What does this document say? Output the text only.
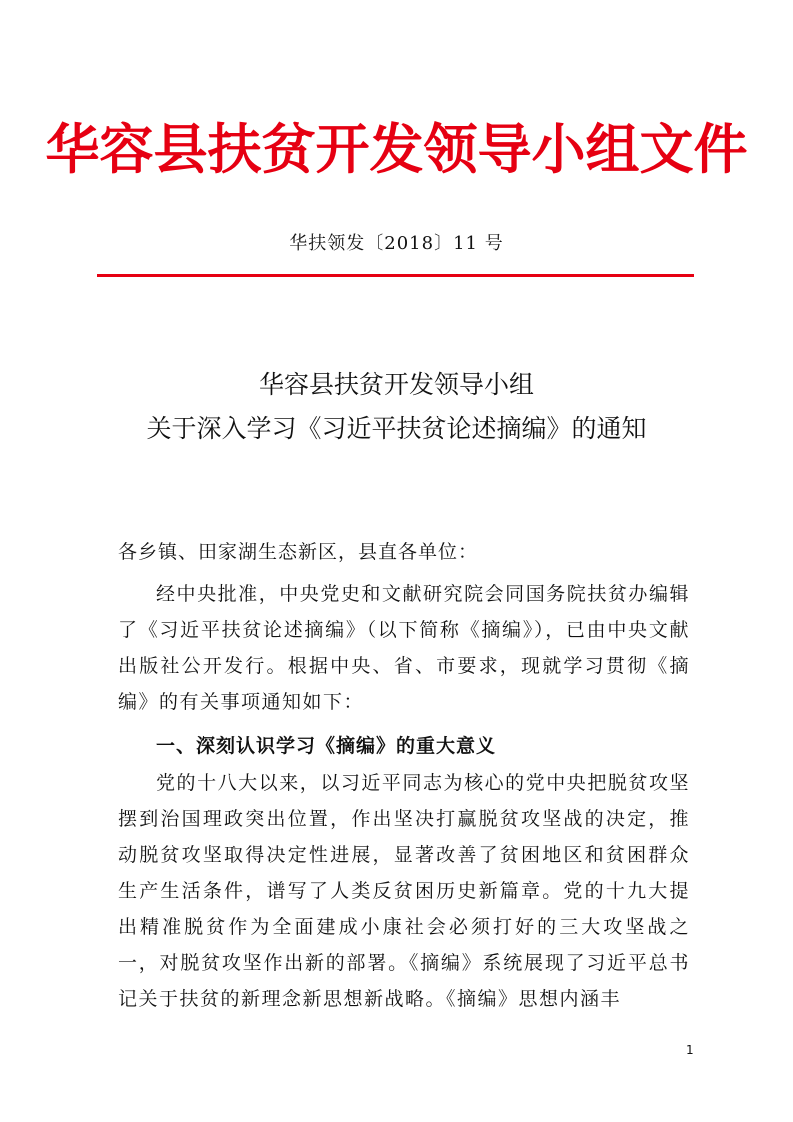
华容县扶贫开发领导小组文件
华扶领发〔2018〕11 号
华容县扶贫开发领导小组
关于深入学习《习近平扶贫论述摘编》的通知
各乡镇、田家湖生态新区，县直各单位：

经中央批准，中央党史和文献研究院会同国务院扶贫办编辑了《习近平扶贫论述摘编》（以下简称《摘编》），已由中央文献出版社公开发行。根据中央、省、市要求，现就学习贯彻《摘编》的有关事项通知如下：

一、深刻认识学习《摘编》的重大意义

党的十八大以来，以习近平同志为核心的党中央把脱贫攻坚摆到治国理政突出位置，作出坚决打赢脱贫攻坚战的决定，推动脱贫攻坚取得决定性进展，显著改善了贫困地区和贫困群众生产生活条件，谱写了人类反贫困历史新篇章。党的十九大提出精准脱贫作为全面建成小康社会必须打好的三大攻坚战之一，对脱贫攻坚作出新的部署。《摘编》系统展现了习近平总书记关于扶贫的新理念新思想新战略。《摘编》思想内涵丰

1
